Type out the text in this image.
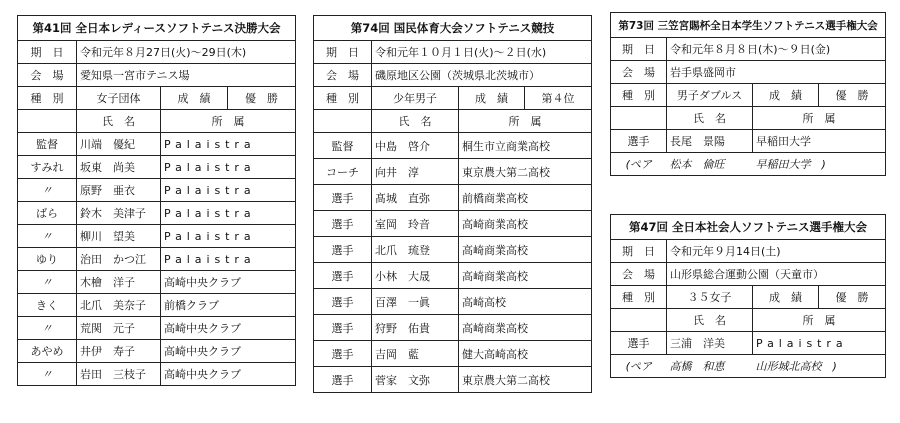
第41回 全日本レディースソフトテニス決勝大会			
期　日	令和元年８月27日(火)～29日(木)		
会　場	愛知県一宮市テニス場		
種　別	女子団体	成　績	優　勝
	氏　名	所　属	
監督	川端　優紀	Palaistra	
すみれ	坂東　尚美	Palaistra	
〃	原野　亜衣	Palaistra	
ばら	鈴木　美津子	Palaistra	
〃	柳川　望美	Palaistra	
ゆり	治田　かつ江	Palaistra	
〃	木檜　洋子	高崎中央クラブ	
きく	北爪　美奈子	前橋クラブ	
〃	荒関　元子	高崎中央クラブ	
あやめ	井伊　寿子	高崎中央クラブ	
〃	岩田　三枝子	高崎中央クラブ	
第74回 国民体育大会ソフトテニス競技			
期　日	令和元年１０月１日(火)～２日(水)		
会　場	磯原地区公園（茨城県北茨城市）		
種　別	少年男子	成　績	第４位
	氏　名	所　属	
監督	中島　啓介	桐生市立商業高校	
コーチ	向井　淳	東京農大第二高校	
選手	髙城　直弥	前橋商業高校	
選手	室岡　玲音	高崎商業高校	
選手	北爪　琉登	高崎商業高校	
選手	小林　大晟	高崎商業高校	
選手	百澤　一眞	高崎高校	
選手	狩野　佑貴	高崎商業高校	
選手	吉岡　藍	健大高崎高校	
選手	菅家　文弥	東京農大第二高校	
第73回 三笠宮賜杯全日本学生ソフトテニス選手権大会			
期　日	令和元年８月８日(木)～９日(金)		
会　場	岩手県盛岡市		
種　別	男子ダブルス	成　績	優　勝
	氏　名	所　属	
選手	長尾　景陽	早稲田大学	
(ペア	松本　倫旺	早稲田大学　)	
第47回 全日本社会人ソフトテニス選手権大会			
期　日	令和元年９月14日(土)		
会　場	山形県総合運動公園（天童市）		
種　別	３５女子	成　績	優　勝
	氏　名	所　属	
選手	三浦　洋美	Palaistra	
(ペア	高橋　和恵	山形城北高校　)	
